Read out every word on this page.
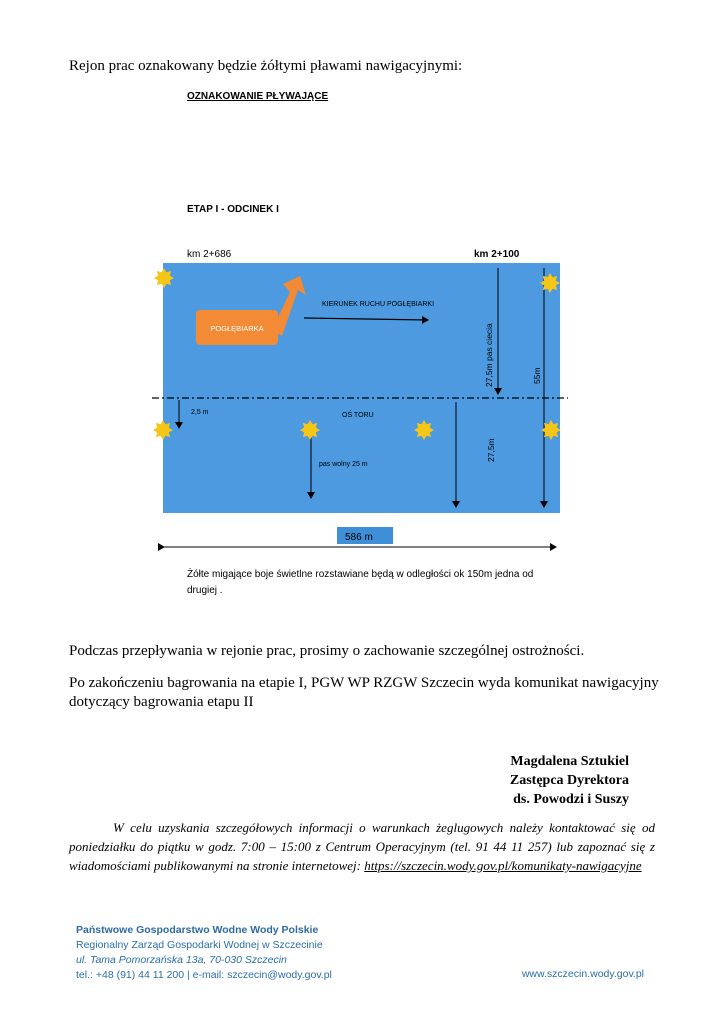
Rejon prac oznakowany będzie żółtymi pławami nawigacyjnymi:
OZNAKOWANIE PŁYWAJĄCE
ETAP I - ODCINEK I
km 2+686	km 2+100
POGŁĘBIARKA
KIERUNEK RUCHU POGŁĘBIARKI
OŚ TORU
2,5 m
27,5m pas ciecia	55m
27,5m
pas wolny 25 m
586 m
Żółte migające boje świetlne rozstawiane będą w odległości ok 150m jedna od drugiej .
Podczas przepływania w rejonie prac, prosimy o zachowanie szczególnej ostrożności.
Po zakończeniu bagrowania na etapie I, PGW WP RZGW Szczecin wyda komunikat nawigacyjny dotyczący bagrowania etapu II
Magdalena Sztukiel
Zastępca Dyrektora
ds. Powodzi i Suszy
W celu uzyskania szczegółowych informacji o warunkach żeglugowych należy kontaktować się od poniedziałku do piątku w godz. 7:00 – 15:00 z Centrum Operacyjnym (tel. 91 44 11 257) lub zapoznać się z wiadomościami publikowanymi na stronie internetowej: https://szczecin.wody.gov.pl/komunikaty-nawigacyjne
Państwowe Gospodarstwo Wodne Wody Polskie
Regionalny Zarząd Gospodarki Wodnej w Szczecinie
ul. Tama Pomorzańska 13a, 70-030 Szczecin
tel.: +48 (91) 44 11 200 | e-mail: szczecin@wody.gov.pl	www.szczecin.wody.gov.pl
